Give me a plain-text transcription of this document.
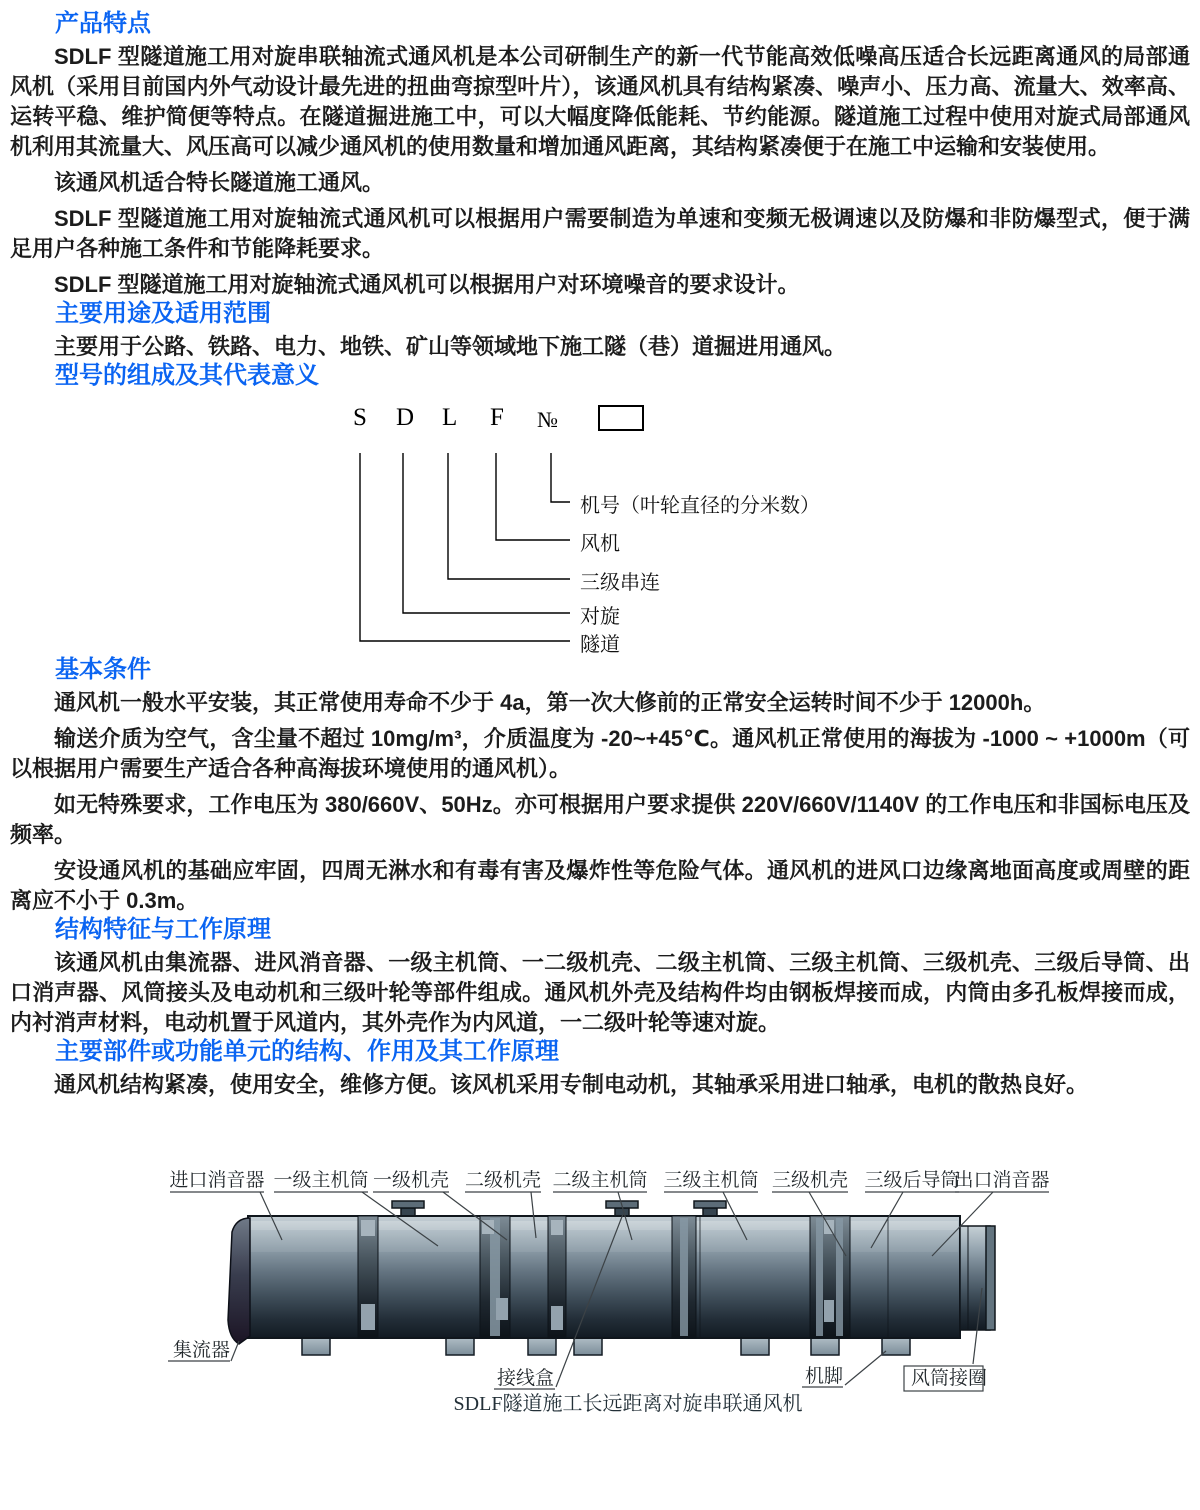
产品特点

SDLF 型隧道施工用对旋串联轴流式通风机是本公司研制生产的新一代节能高效低噪高压适合长远距离通风的局部通风机（采用目前国内外气动设计最先进的扭曲弯掠型叶片），该通风机具有结构紧凑、噪声小、压力高、流量大、效率高、运转平稳、维护简便等特点。在隧道掘进施工中，可以大幅度降低能耗、节约能源。隧道施工过程中使用对旋式局部通风机利用其流量大、风压高可以减少通风机的使用数量和增加通风距离，其结构紧凑便于在施工中运输和安装使用。

该通风机适合特长隧道施工通风。

SDLF 型隧道施工用对旋轴流式通风机可以根据用户需要制造为单速和变频无极调速以及防爆和非防爆型式，便于满足用户各种施工条件和节能降耗要求。

SDLF 型隧道施工用对旋轴流式通风机可以根据用户对环境噪音的要求设计。

主要用途及适用范围

主要用于公路、铁路、电力、地铁、矿山等领域地下施工隧（巷）道掘进用通风。

型号的组成及其代表意义
S D L F №
机号（叶轮直径的分米数）
风机
三级串连
对旋
隧道
基本条件

通风机一般水平安装，其正常使用寿命不少于 4a，第一次大修前的正常安全运转时间不少于 12000h。

输送介质为空气，含尘量不超过 10mg/m³，介质温度为 -20~+45℃。通风机正常使用的海拔为 -1000 ~ +1000m（可以根据用户需要生产适合各种高海拔环境使用的通风机）。

如无特殊要求，工作电压为 380/660V、50Hz。亦可根据用户要求提供 220V/660V/1140V 的工作电压和非国标电压及频率。

安设通风机的基础应牢固，四周无淋水和有毒有害及爆炸性等危险气体。通风机的进风口边缘离地面高度或周壁的距离应不小于 0.3m。

结构特征与工作原理

该通风机由集流器、进风消音器、一级主机筒、一二级机壳、二级主机筒、三级主机筒、三级机壳、三级后导筒、出口消声器、风筒接头及电动机和三级叶轮等部件组成。通风机外壳及结构件均由钢板焊接而成，内筒由多孔板焊接而成，内衬消声材料，电动机置于风道内，其外壳作为内风道，一二级叶轮等速对旋。

主要部件或功能单元的结构、作用及其工作原理

通风机结构紧凑，使用安全，维修方便。该风机采用专制电动机，其轴承采用进口轴承，电机的散热良好。

进口消音器 一级主机筒 一级机壳 二级机壳 二级主机筒 三级主机筒 三级机壳 三级后导筒
出口消音器
集流器
接线盒	机脚	风筒接圈
SDLF隧道施工长远距离对旋串联通风机
